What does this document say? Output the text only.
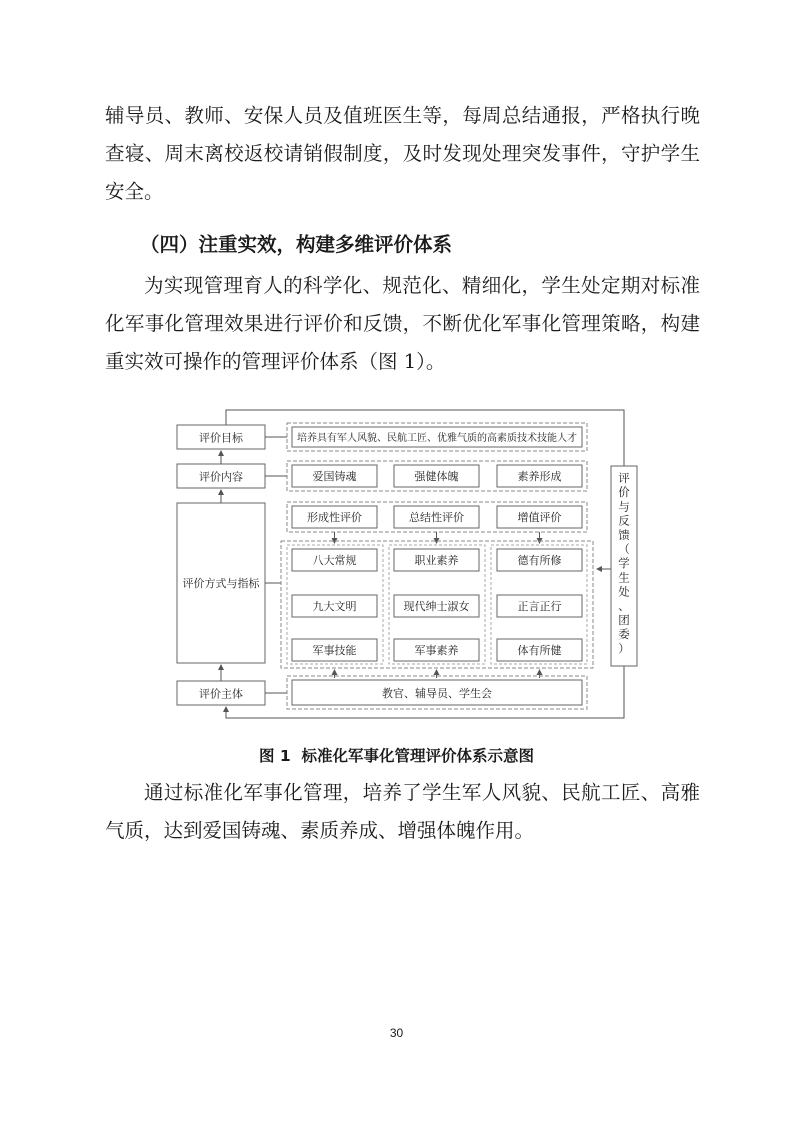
辅导员、教师、安保人员及值班医生等，每周总结通报，严格执行晚
查寝、周末离校返校请销假制度，及时发现处理突发事件，守护学生
安全。
（四）注重实效，构建多维评价体系
为实现管理育人的科学化、规范化、精细化，学生处定期对标准
化军事化管理效果进行评价和反馈，不断优化军事化管理策略，构建
重实效可操作的管理评价体系（图 1）。
评价目标
评价内容
评价方式与指标
评价主体
培养具有军人风貌、民航工匠、优雅气质的高素质技术技能人才
爱国铸魂	强健体魄	素养形成
形成性评价	总结性评价	增值评价
八大常规	职业素养	德有所修
九大文明	现代绅士淑女	正言正行
军事技能	军事素养	体有所健
教官、辅导员、学生会
评价与反馈（学生处、团委）
图 1  标准化军事化管理评价体系示意图
通过标准化军事化管理，培养了学生军人风貌、民航工匠、高雅
气质，达到爱国铸魂、素质养成、增强体魄作用。
30
